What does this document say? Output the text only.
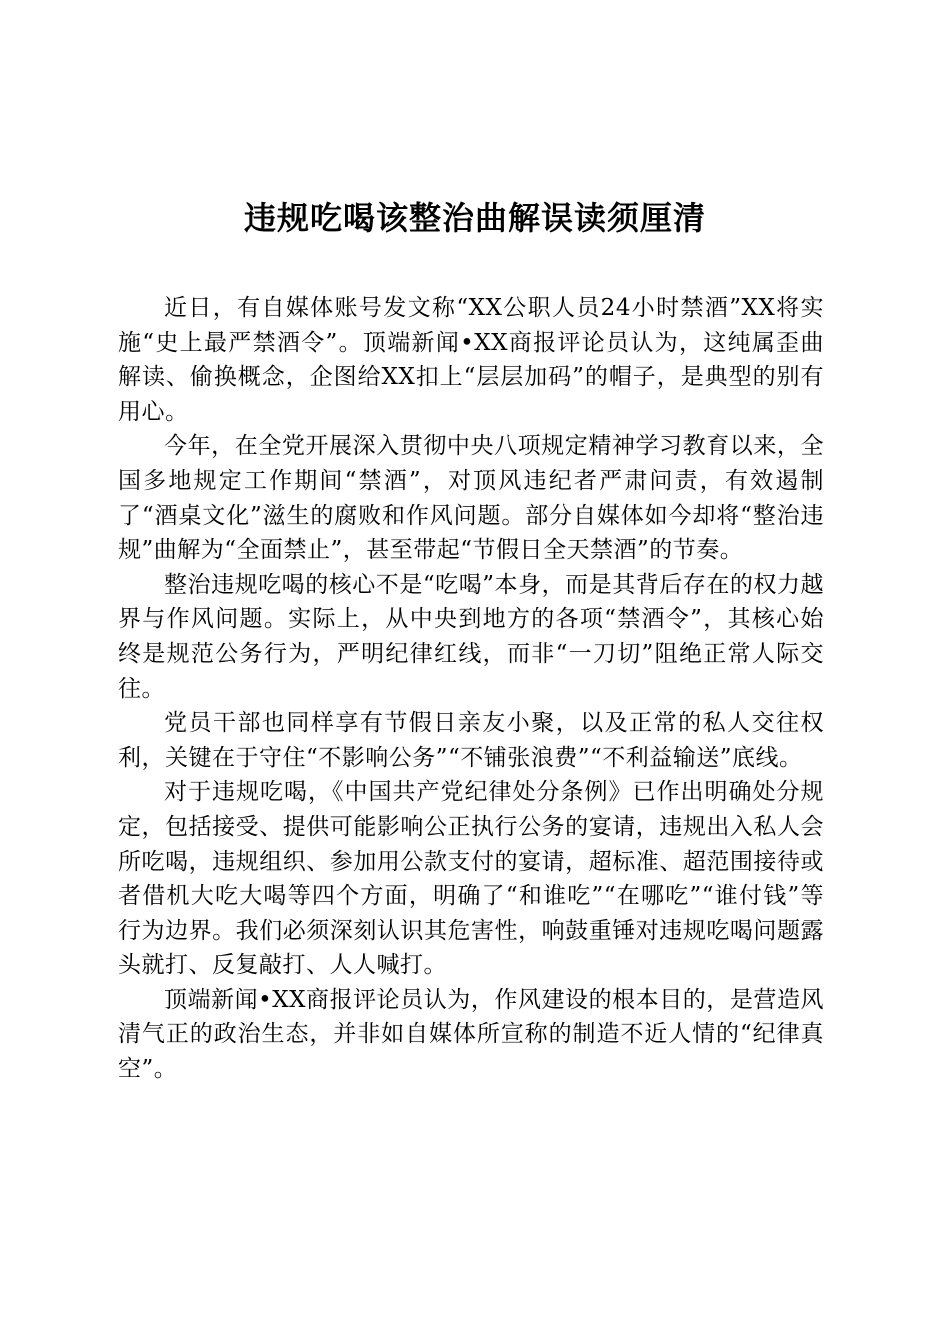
违规吃喝该整治曲解误读须厘清

近日，有自媒体账号发文称“XX公职人员24小时禁酒”XX将实施“史上最严禁酒令”。顶端新闻•XX商报评论员认为，这纯属歪曲解读、偷换概念，企图给XX扣上“层层加码”的帽子，是典型的别有用心。

今年，在全党开展深入贯彻中央八项规定精神学习教育以来，全国多地规定工作期间“禁酒”，对顶风违纪者严肃问责，有效遏制了“酒桌文化”滋生的腐败和作风问题。部分自媒体如今却将“整治违规”曲解为“全面禁止”，甚至带起“节假日全天禁酒”的节奏。

整治违规吃喝的核心不是“吃喝”本身，而是其背后存在的权力越界与作风问题。实际上，从中央到地方的各项“禁酒令”，其核心始终是规范公务行为，严明纪律红线，而非“一刀切”阻绝正常人际交往。

党员干部也同样享有节假日亲友小聚，以及正常的私人交往权利，关键在于守住“不影响公务”“不铺张浪费”“不利益输送”底线。

对于违规吃喝，《中国共产党纪律处分条例》已作出明确处分规定，包括接受、提供可能影响公正执行公务的宴请，违规出入私人会所吃喝，违规组织、参加用公款支付的宴请，超标准、超范围接待或者借机大吃大喝等四个方面，明确了“和谁吃”“在哪吃”“谁付钱”等行为边界。我们必须深刻认识其危害性，响鼓重锤对违规吃喝问题露头就打、反复敲打、人人喊打。

顶端新闻•XX商报评论员认为，作风建设的根本目的，是营造风清气正的政治生态，并非如自媒体所宣称的制造不近人情的“纪律真空”。
